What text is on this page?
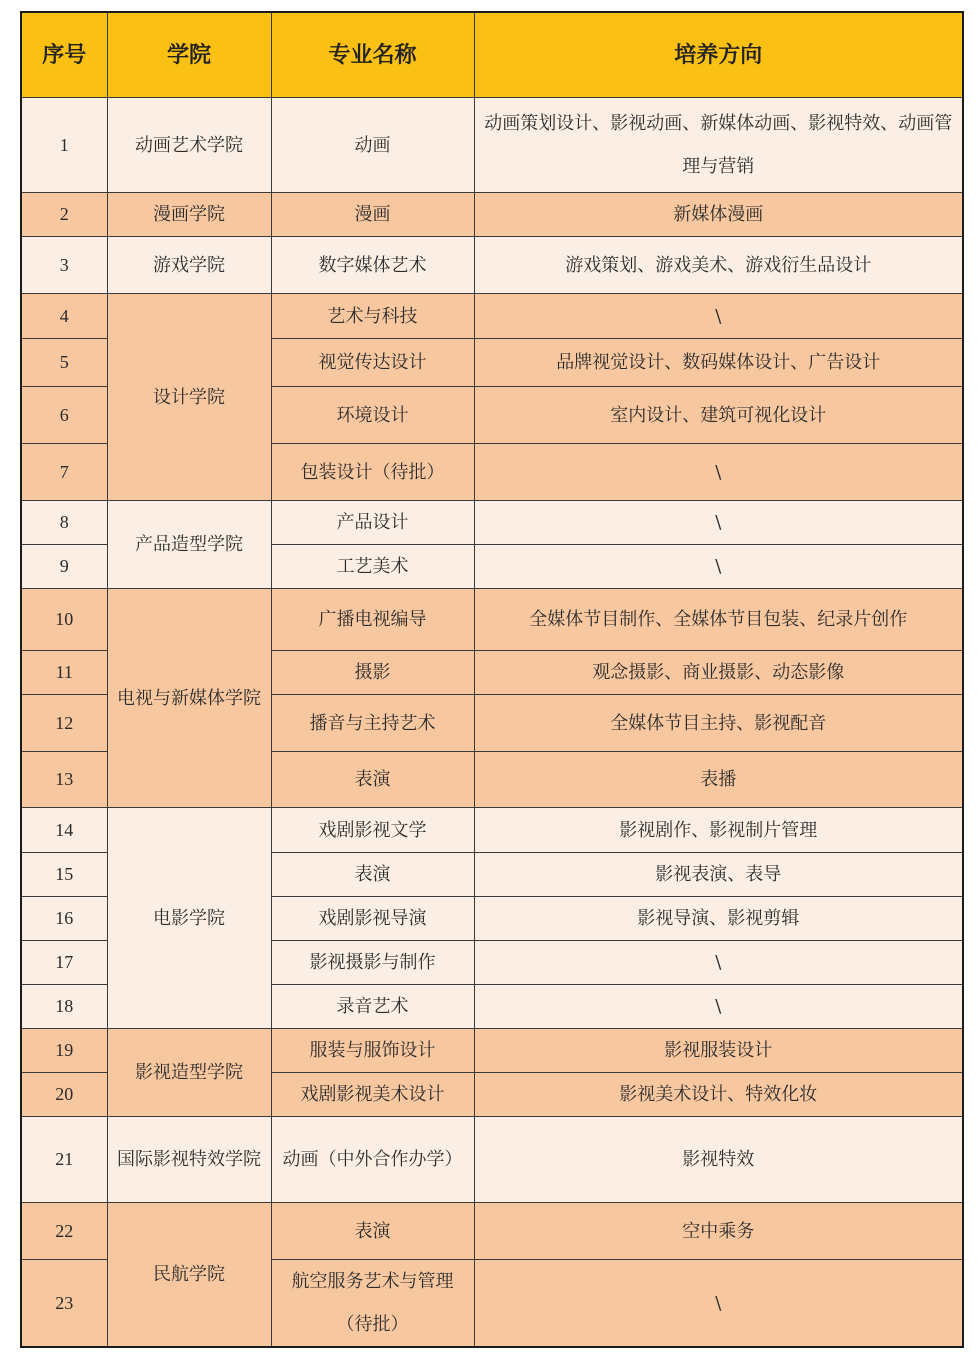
序号	学院	专业名称	培养方向
1	动画艺术学院	动画	动画策划设计、影视动画、新媒体动画、影视特效、动画管理与营销
2	漫画学院	漫画	新媒体漫画
3	游戏学院	数字媒体艺术	游戏策划、游戏美术、游戏衍生品设计
4	设计学院	艺术与科技	\
5		视觉传达设计	品牌视觉设计、数码媒体设计、广告设计
6		环境设计	室内设计、建筑可视化设计
7		包装设计（待批）	\
8	产品造型学院	产品设计	\
9		工艺美术	\
10	电视与新媒体学院	广播电视编导	全媒体节目制作、全媒体节目包装、纪录片创作
11		摄影	观念摄影、商业摄影、动态影像
12		播音与主持艺术	全媒体节目主持、影视配音
13		表演	表播
14	电影学院	戏剧影视文学	影视剧作、影视制片管理
15		表演	影视表演、表导
16		戏剧影视导演	影视导演、影视剪辑
17		影视摄影与制作	\
18		录音艺术	\
19	影视造型学院	服装与服饰设计	影视服装设计
20		戏剧影视美术设计	影视美术设计、特效化妆
21	国际影视特效学院	动画（中外合作办学）	影视特效
22	民航学院	表演	空中乘务
23		航空服务艺术与管理（待批）	\
